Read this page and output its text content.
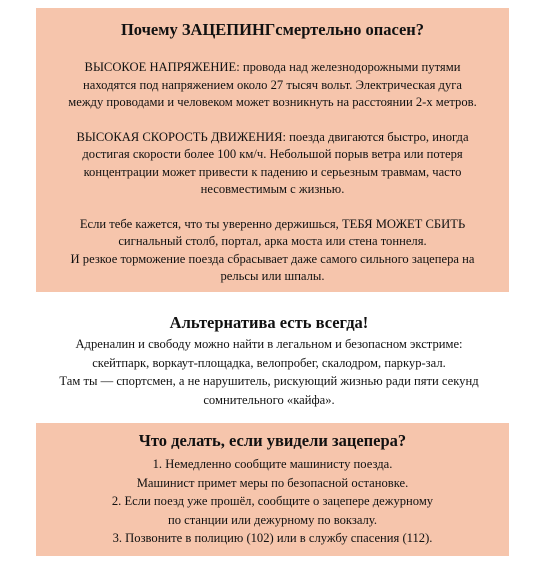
Почему ЗАЦЕПИНГсмертельно опасен?

ВЫСОКОЕ НАПРЯЖЕНИЕ: провода над железнодорожными путями
находятся под напряжением около 27 тысяч вольт. Электрическая дуга
между проводами и человеком может возникнуть на расстоянии 2-х метров.

ВЫСОКАЯ СКОРОСТЬ ДВИЖЕНИЯ: поезда двигаются быстро, иногда
достигая скорости более 100 км/ч. Небольшой порыв ветра или потеря
концентрации может привести к падению и серьезным травмам, часто
несовместимым с жизнью.

Если тебе кажется, что ты уверенно держишься, ТЕБЯ МОЖЕТ СБИТЬ
сигнальный столб, портал, арка моста или стена тоннеля.
И резкое торможение поезда сбрасывает даже самого сильного зацепера на
рельсы или шпалы.

Альтернатива есть всегда!

Адреналин и свободу можно найти в легальном и безопасном экстриме:
скейтпарк, воркаут-площадка, велопробег, скалодром, паркур-зал.
Там ты — спортсмен, а не нарушитель, рискующий жизнью ради пяти секунд
сомнительного «кайфа».

Что делать, если увидели зацепера?

1. Немедленно сообщите машинисту поезда.
Машинист примет меры по безопасной остановке.
2. Если поезд уже прошёл, сообщите о зацепере дежурному
по станции или дежурному по вокзалу.
3. Позвоните в полицию (102) или в службу спасения (112).
